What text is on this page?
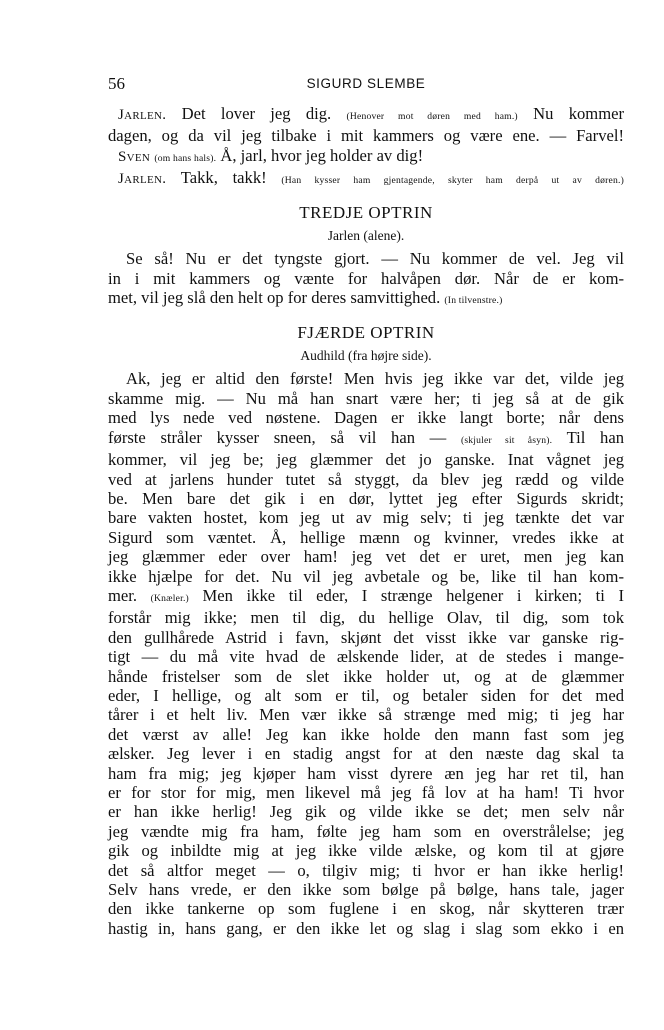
56	SIGURD SLEMBE
Jarlen. Det lover jeg dig. (Henover mot døren med ham.) Nu kommer
dagen, og da vil jeg tilbake i mit kammers og være ene. — Farvel!
Sven (om hans hals). Å, jarl, hvor jeg holder av dig!
Jarlen. Takk, takk! (Han kysser ham gjentagende, skyter ham derpå ut av døren.)
TREDJE OPTRIN
Jarlen (alene).
Se så! Nu er det tyngste gjort. — Nu kommer de vel. Jeg vil
in i mit kammers og vænte for halvåpen dør. Når de er kom-
met, vil jeg slå den helt op for deres samvittighed. (In tilvenstre.)
FJÆRDE OPTRIN
Audhild (fra højre side).
Ak, jeg er altid den første! Men hvis jeg ikke var det, vilde jeg
skamme mig. — Nu må han snart være her; ti jeg så at de gik
med lys nede ved nøstene. Dagen er ikke langt borte; når dens
første stråler kysser sneen, så vil han — (skjuler sit åsyn). Til han
kommer, vil jeg be; jeg glæmmer det jo ganske. Inat vågnet jeg
ved at jarlens hunder tutet så styggt, da blev jeg rædd og vilde
be. Men bare det gik i en dør, lyttet jeg efter Sigurds skridt;
bare vakten hostet, kom jeg ut av mig selv; ti jeg tænkte det var
Sigurd som væntet. Å, hellige mænn og kvinner, vredes ikke at
jeg glæmmer eder over ham! jeg vet det er uret, men jeg kan
ikke hjælpe for det. Nu vil jeg avbetale og be, like til han kom-
mer. (Knæler.) Men ikke til eder, I strænge helgener i kirken; ti I
forstår mig ikke; men til dig, du hellige Olav, til dig, som tok
den gullhårede Astrid i favn, skjønt det visst ikke var ganske rig-
tigt — du må vite hvad de ælskende lider, at de stedes i mange-
hånde fristelser som de slet ikke holder ut, og at de glæmmer
eder, I hellige, og alt som er til, og betaler siden for det med
tårer i et helt liv. Men vær ikke så strænge med mig; ti jeg har
det værst av alle! Jeg kan ikke holde den mann fast som jeg
ælsker. Jeg lever i en stadig angst for at den næste dag skal ta
ham fra mig; jeg kjøper ham visst dyrere æn jeg har ret til, han
er for stor for mig, men likevel må jeg få lov at ha ham! Ti hvor
er han ikke herlig! Jeg gik og vilde ikke se det; men selv når
jeg vændte mig fra ham, følte jeg ham som en overstrålelse; jeg
gik og inbildte mig at jeg ikke vilde ælske, og kom til at gjøre
det så altfor meget — o, tilgiv mig; ti hvor er han ikke herlig!
Selv hans vrede, er den ikke som bølge på bølge, hans tale, jager
den ikke tankerne op som fuglene i en skog, når skytteren trær
hastig in, hans gang, er den ikke let og slag i slag som ekko i en
